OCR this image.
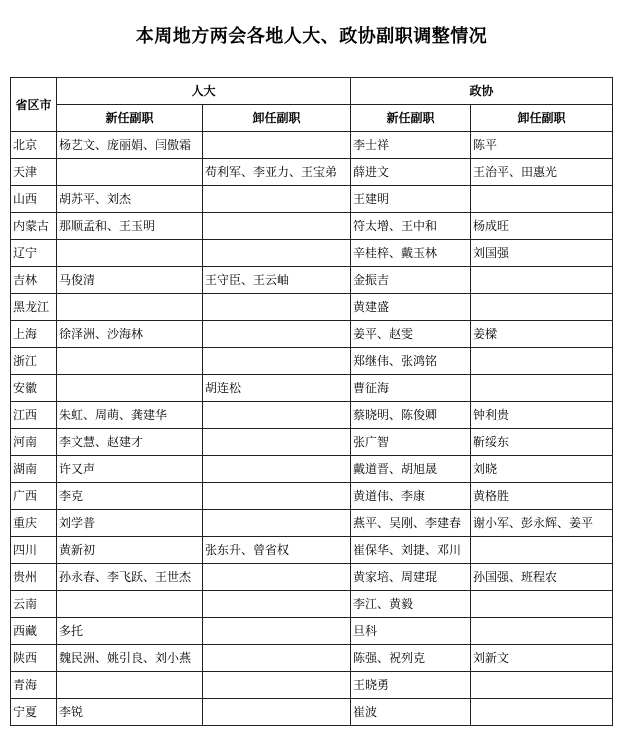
本周地方两会各地人大、政协副职调整情况
省区市	人大		政协	
	新任副职	卸任副职	新任副职	卸任副职
北京	杨艺文、庞丽娟、闫傲霜		李士祥	陈平
天津		苟利军、李亚力、王宝弟	薛进文	王治平、田惠光
山西	胡苏平、刘杰		王建明	
内蒙古	那顺孟和、王玉明		符太增、王中和	杨成旺
辽宁			辛桂梓、戴玉林	刘国强
吉林	马俊清	王守臣、王云岫	金振吉	
黑龙江			黄建盛	
上海	徐泽洲、沙海林		姜平、赵雯	姜樑
浙江			郑继伟、张鸿铭	
安徽		胡连松	曹征海	
江西	朱虹、周萌、龚建华		蔡晓明、陈俊卿	钟利贵
河南	李文慧、赵建才		张广智	靳绥东
湖南	许又声		戴道晋、胡旭晟	刘晓
广西	李克		黄道伟、李康	黄格胜
重庆	刘学普		燕平、吴刚、李建春	谢小军、彭永辉、姜平
四川	黄新初	张东升、曾省权	崔保华、刘捷、邓川	
贵州	孙永春、李飞跃、王世杰		黄家培、周建琨	孙国强、班程农
云南			李江、黄毅	
西藏	多托		旦科	
陕西	魏民洲、姚引良、刘小燕		陈强、祝列克	刘新文
青海			王晓勇	
宁夏	李锐		崔波	
